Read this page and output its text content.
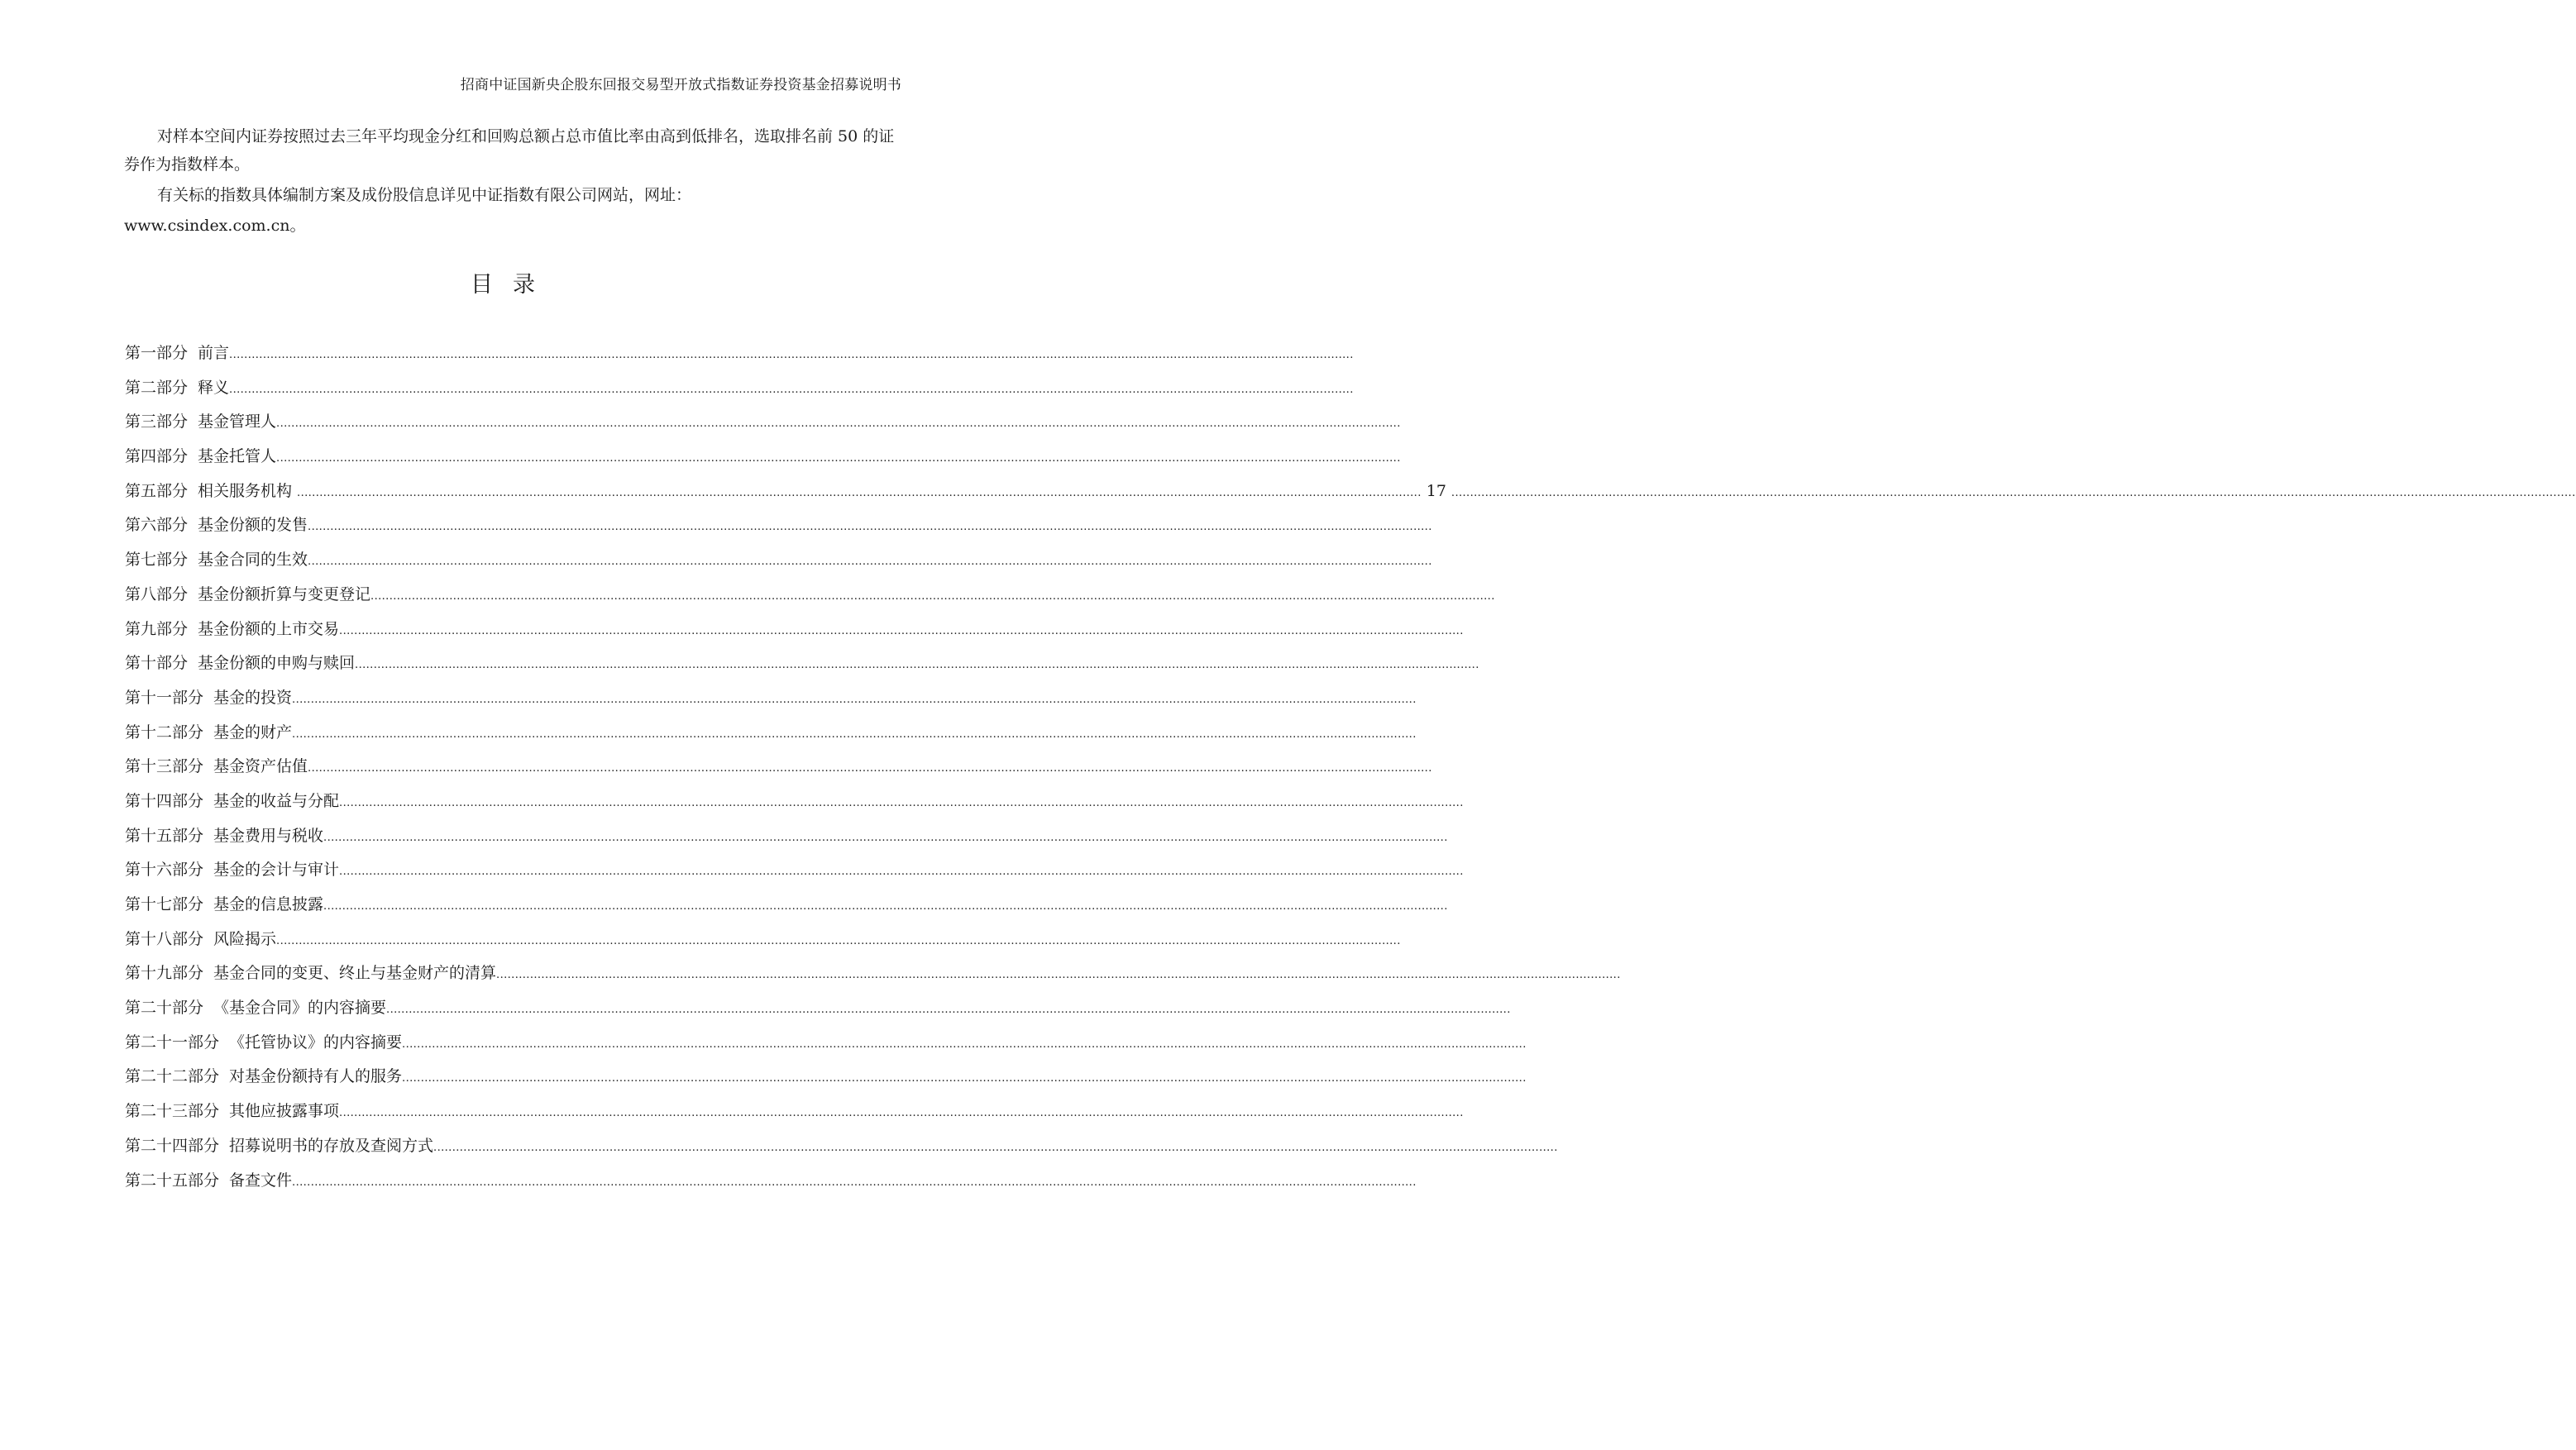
招商中证国新央企股东回报交易型开放式指数证券投资基金招募说明书

对样本空间内证券按照过去三年平均现金分红和回购总额占总市值比率由高到低排名，选取排名前 50 的证券作为指数样本。

有关标的指数具体编制方案及成份股信息详见中证指数有限公司网站，网址：

www.csindex.com.cn。

目录
第一部分 前言 ............................................................................................................................................................................................................................................................................................................
第二部分 释义 ............................................................................................................................................................................................................................................................................................................
第三部分 基金管理人 ............................................................................................................................................................................................................................................................................................................
第四部分 基金托管人 ............................................................................................................................................................................................................................................................................................................
第五部分 相关服务机构 ............................................................................................................................................................................................................................................................................................................ 17 ............................................................................................................................................................................................................................................................................................................
第六部分 基金份额的发售 ............................................................................................................................................................................................................................................................................................................
第七部分 基金合同的生效 ............................................................................................................................................................................................................................................................................................................
第八部分 基金份额折算与变更登记 ............................................................................................................................................................................................................................................................................................................
第九部分 基金份额的上市交易 ............................................................................................................................................................................................................................................................................................................
第十部分 基金份额的申购与赎回 ............................................................................................................................................................................................................................................................................................................
第十一部分 基金的投资 ............................................................................................................................................................................................................................................................................................................
第十二部分 基金的财产 ............................................................................................................................................................................................................................................................................................................
第十三部分 基金资产估值 ............................................................................................................................................................................................................................................................................................................
第十四部分 基金的收益与分配 ............................................................................................................................................................................................................................................................................................................
第十五部分 基金费用与税收 ............................................................................................................................................................................................................................................................................................................
第十六部分 基金的会计与审计 ............................................................................................................................................................................................................................................................................................................
第十七部分 基金的信息披露 ............................................................................................................................................................................................................................................................................................................
第十八部分 风险揭示 ............................................................................................................................................................................................................................................................................................................
第十九部分 基金合同的变更、终止与基金财产的清算 ............................................................................................................................................................................................................................................................................................................
第二十部分 《基金合同》的内容摘要 ............................................................................................................................................................................................................................................................................................................
第二十一部分 《托管协议》的内容摘要 ............................................................................................................................................................................................................................................................................................................
第二十二部分 对基金份额持有人的服务 ............................................................................................................................................................................................................................................................................................................
第二十三部分 其他应披露事项 ............................................................................................................................................................................................................................................................................................................
第二十四部分 招募说明书的存放及查阅方式 ............................................................................................................................................................................................................................................................................................................
第二十五部分 备查文件 ............................................................................................................................................................................................................................................................................................................
